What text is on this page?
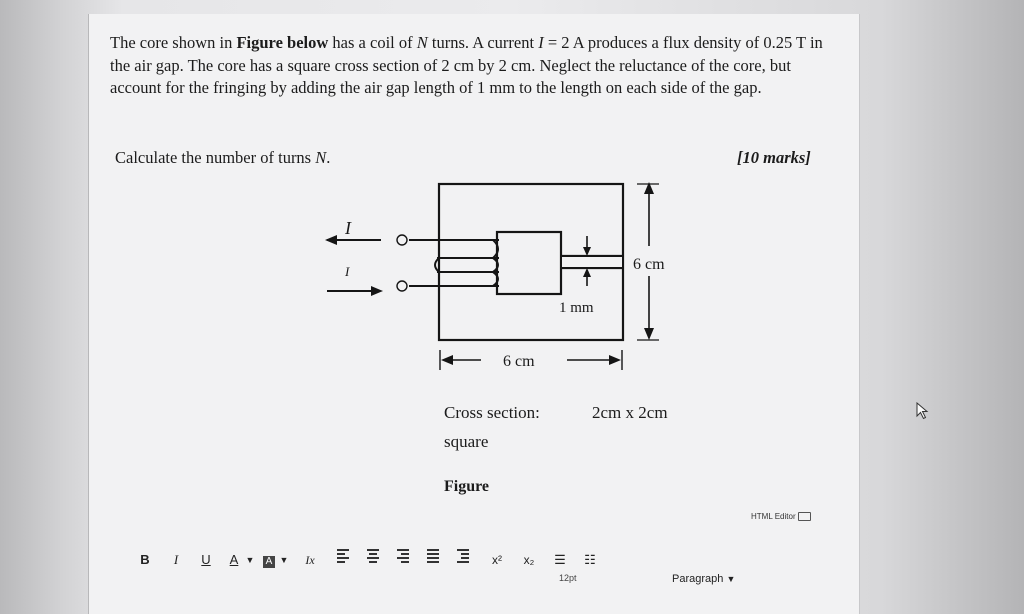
The core shown in Figure below has a coil of N turns. A current I = 2 A produces a flux density of 0.25 T in the air gap. The core has a square cross section of 2 cm by 2 cm. Neglect the reluctance of the core, but account for the fringing by adding the air gap length of 1 mm to the length on each side of the gap.

Calculate the number of turns N.	[10 marks]
I
I
1 mm
6 cm
6 cm
Cross section:	2cm x 2cm
square
Figure
HTML Editor
B	I	U A ▼	A ▼	Ix	x²	x₂	☰ ☷
12pt	Paragraph ▼
